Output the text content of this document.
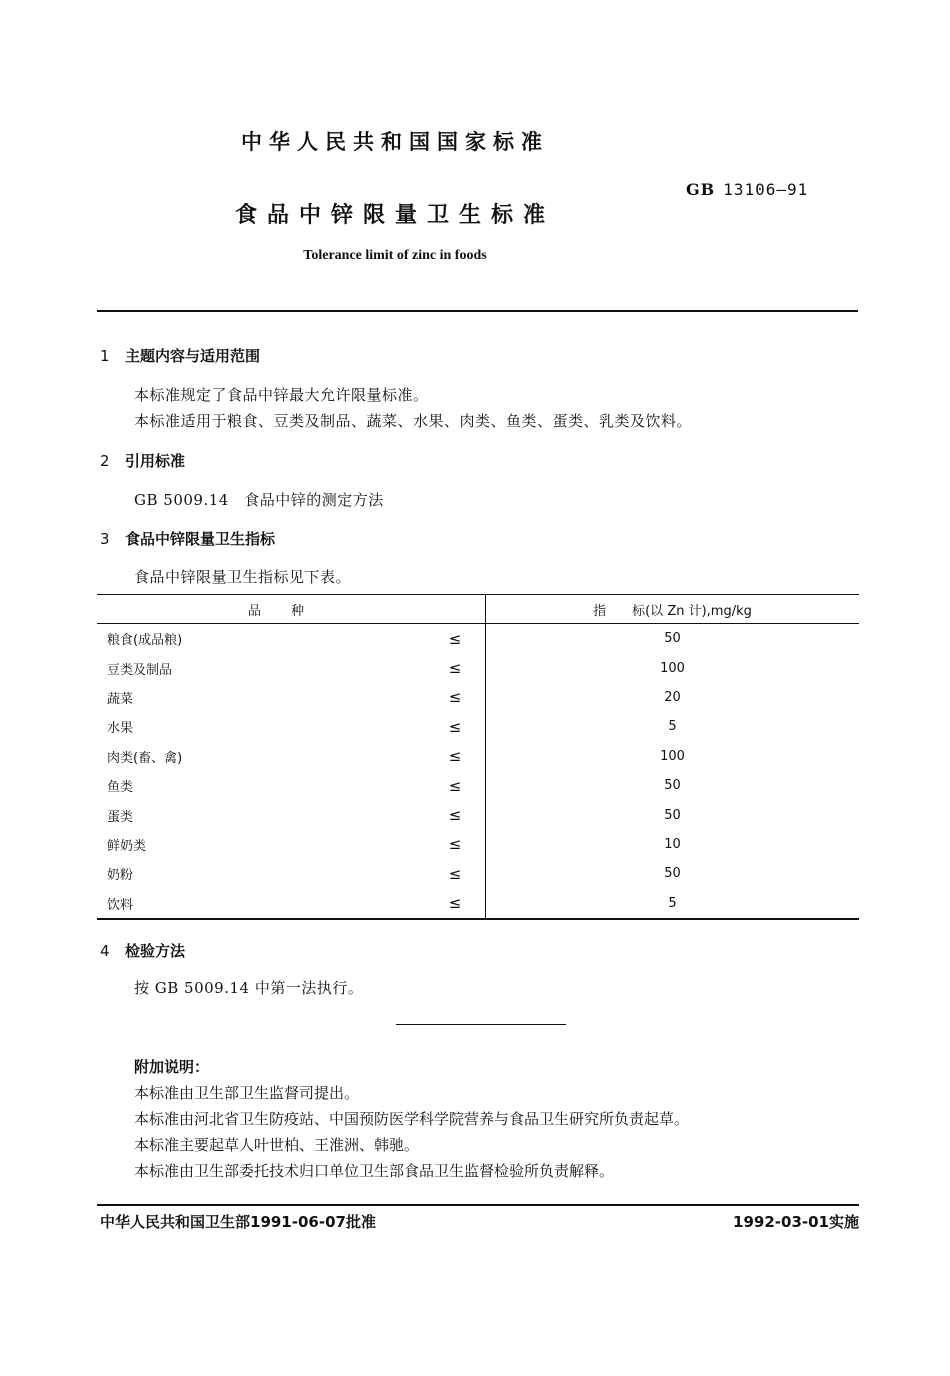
中华人民共和国国家标准
GB 13106—91
食品中锌限量卫生标准
Tolerance limit of zinc in foods
1 主题内容与适用范围
本标准规定了食品中锌最大允许限量标准。
本标准适用于粮食、豆类及制品、蔬菜、水果、肉类、鱼类、蛋类、乳类及饮料。
2 引用标准
GB 5009.14　食品中锌的测定方法
3 食品中锌限量卫生指标
食品中锌限量卫生指标见下表。
品种		指　　标(以 Zn 计),mg/kg
粮食(成品粮)	≤	50
豆类及制品	≤	100
蔬菜	≤	20
水果	≤	5
肉类(畜、禽)	≤	100
鱼类	≤	50
蛋类	≤	50
鲜奶类	≤	10
奶粉	≤	50
饮料	≤	5
4 检验方法
按 GB 5009.14 中第一法执行。
附加说明：
本标准由卫生部卫生监督司提出。
本标准由河北省卫生防疫站、中国预防医学科学院营养与食品卫生研究所负责起草。
本标准主要起草人叶世柏、王淮洲、韩驰。
本标准由卫生部委托技术归口单位卫生部食品卫生监督检验所负责解释。
中华人民共和国卫生部1991-06-07批准	1992-03-01实施
